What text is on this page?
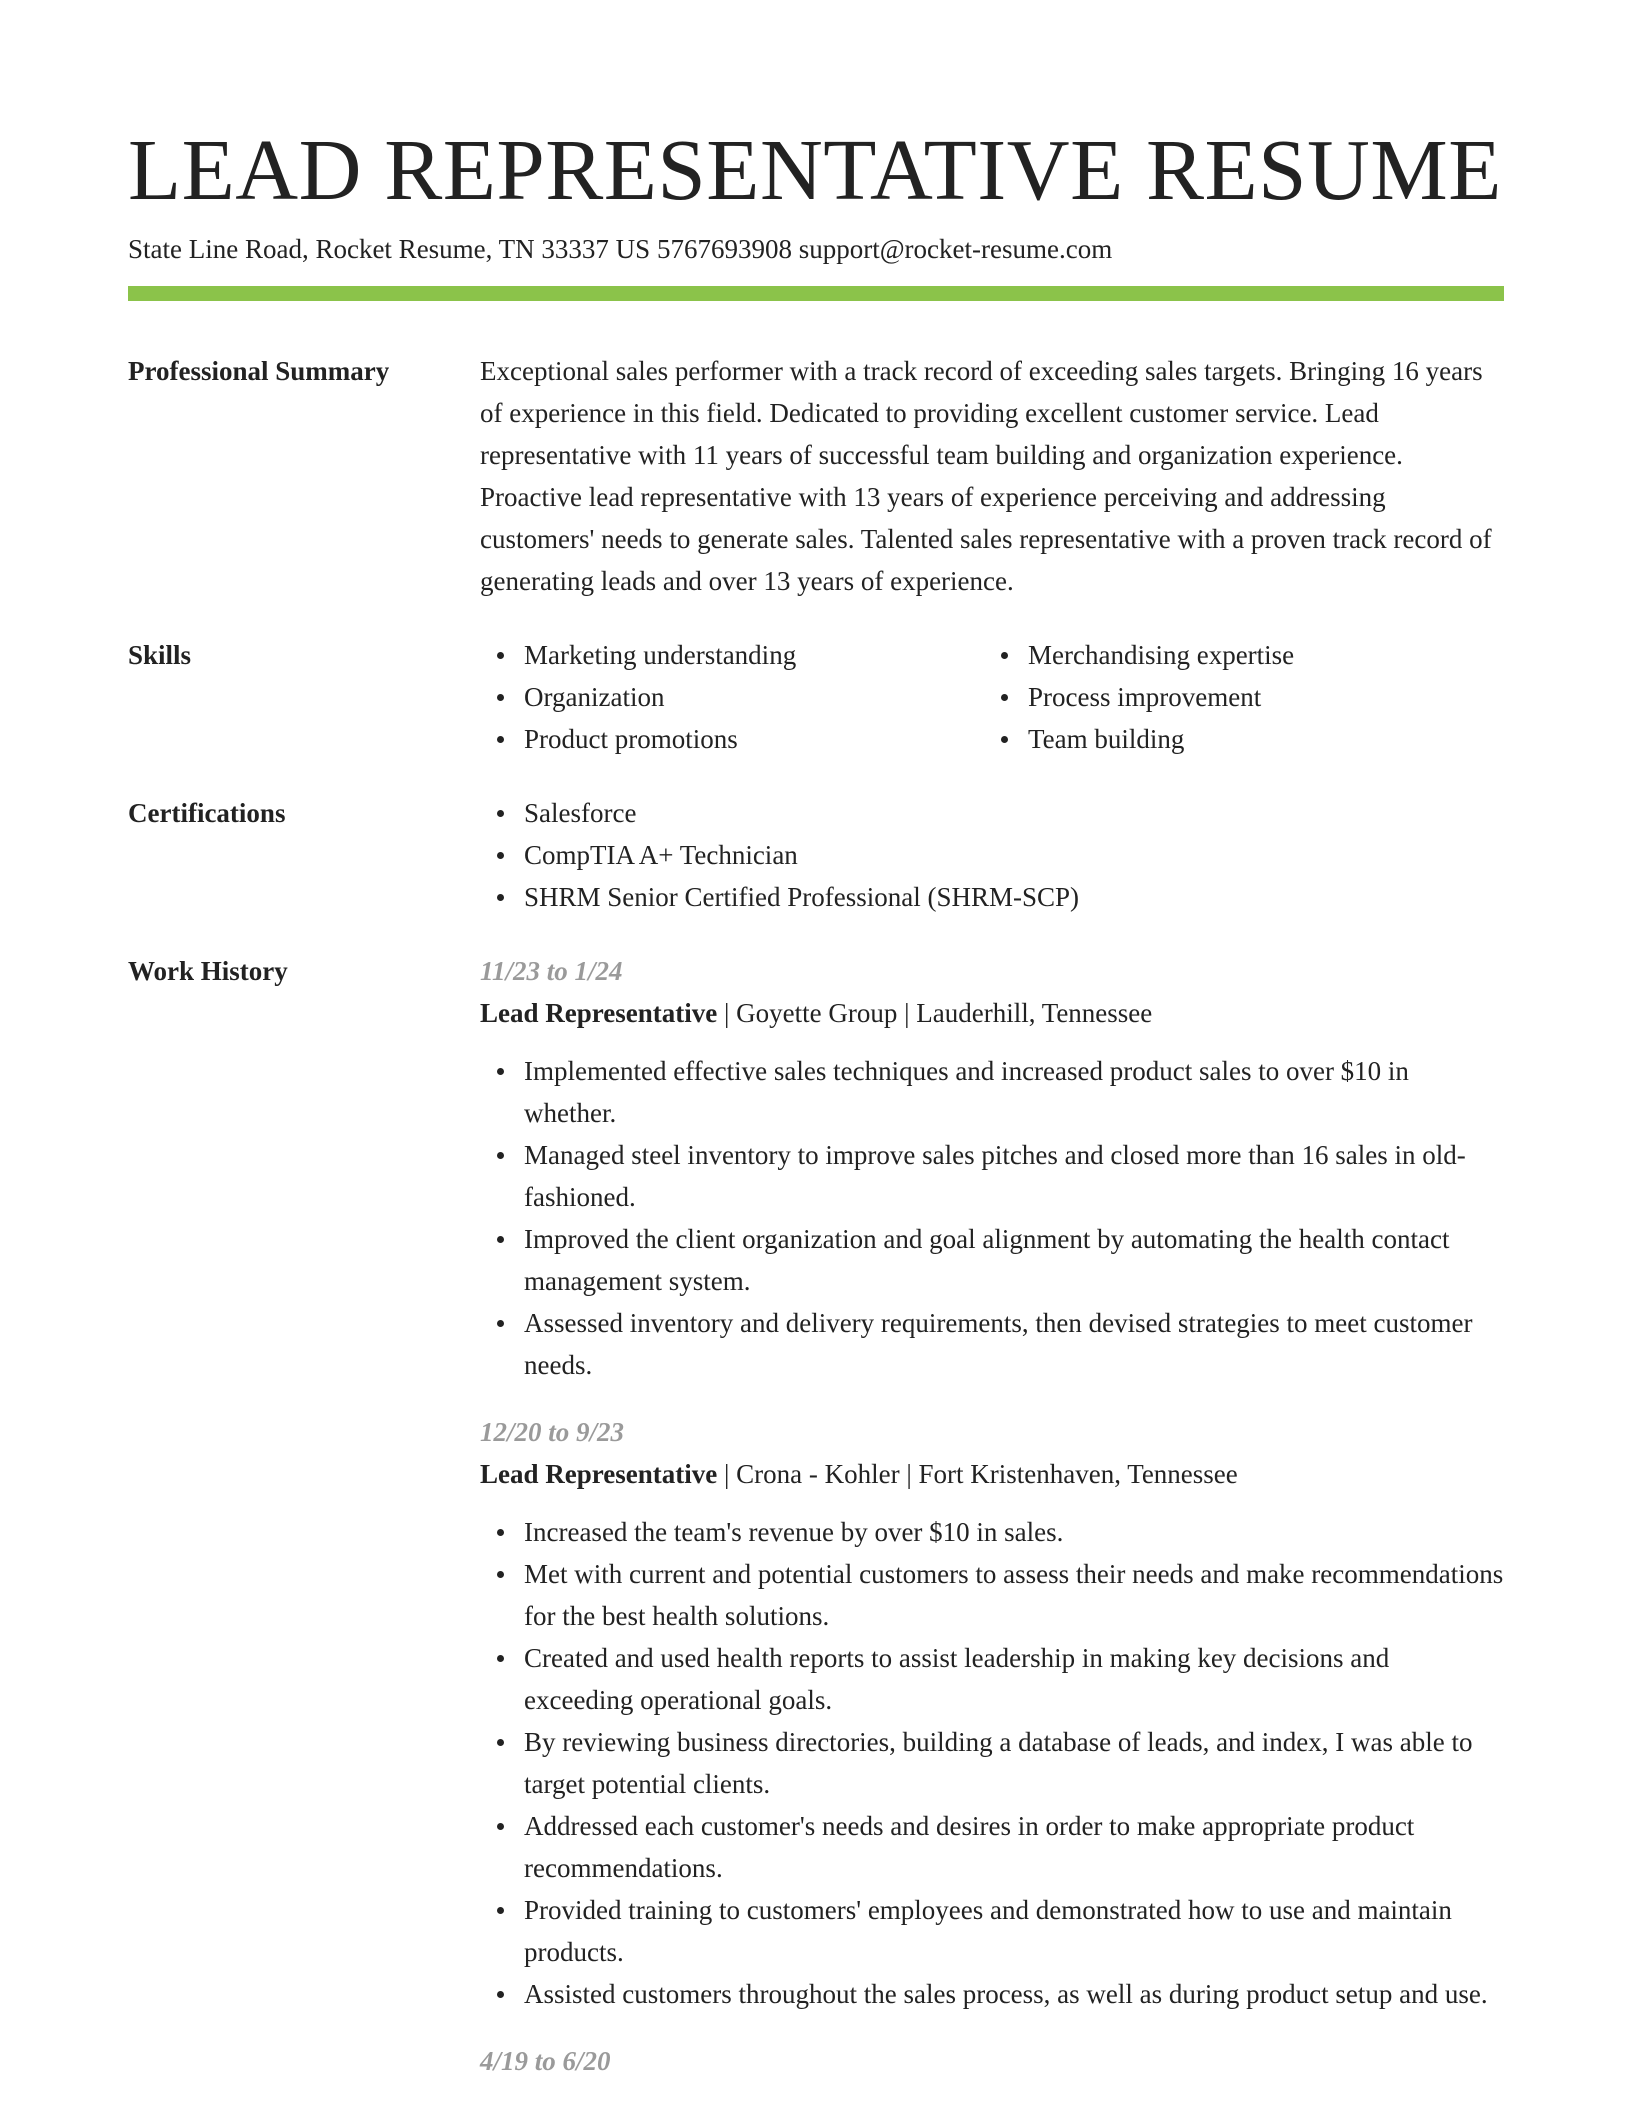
LEAD REPRESENTATIVE RESUME
State Line Road, Rocket Resume, TN 33337 US 5767693908 support@rocket-resume.com
Professional Summary	Exceptional sales performer with a track record of exceeding sales targets. Bringing 16 years of experience in this field. Dedicated to providing excellent customer service. Lead representative with 11 years of successful team building and organization experience. Proactive lead representative with 13 years of experience perceiving and addressing customers' needs to generate sales. Talented sales representative with a proven track record of generating leads and over 13 years of experience.

Skills	Marketing understanding
Organization
Product promotions
Merchandising expertise
Process improvement
Team building
Certifications	Salesforce
CompTIA A+ Technician
SHRM Senior Certified Professional (SHRM-SCP)
Work History	11/23 to 1/24
Lead Representative | Goyette Group | Lauderhill, Tennessee
Implemented effective sales techniques and increased product sales to over $10 in whether.
Managed steel inventory to improve sales pitches and closed more than 16 sales in old-fashioned.
Improved the client organization and goal alignment by automating the health contact management system.
Assessed inventory and delivery requirements, then devised strategies to meet customer needs.
12/20 to 9/23
Lead Representative | Crona - Kohler | Fort Kristenhaven, Tennessee
Increased the team's revenue by over $10 in sales.
Met with current and potential customers to assess their needs and make recommendations for the best health solutions.
Created and used health reports to assist leadership in making key decisions and exceeding operational goals.
By reviewing business directories, building a database of leads, and index, I was able to target potential clients.
Addressed each customer's needs and desires in order to make appropriate product recommendations.
Provided training to customers' employees and demonstrated how to use and maintain products.
Assisted customers throughout the sales process, as well as during product setup and use.
4/19 to 6/20
